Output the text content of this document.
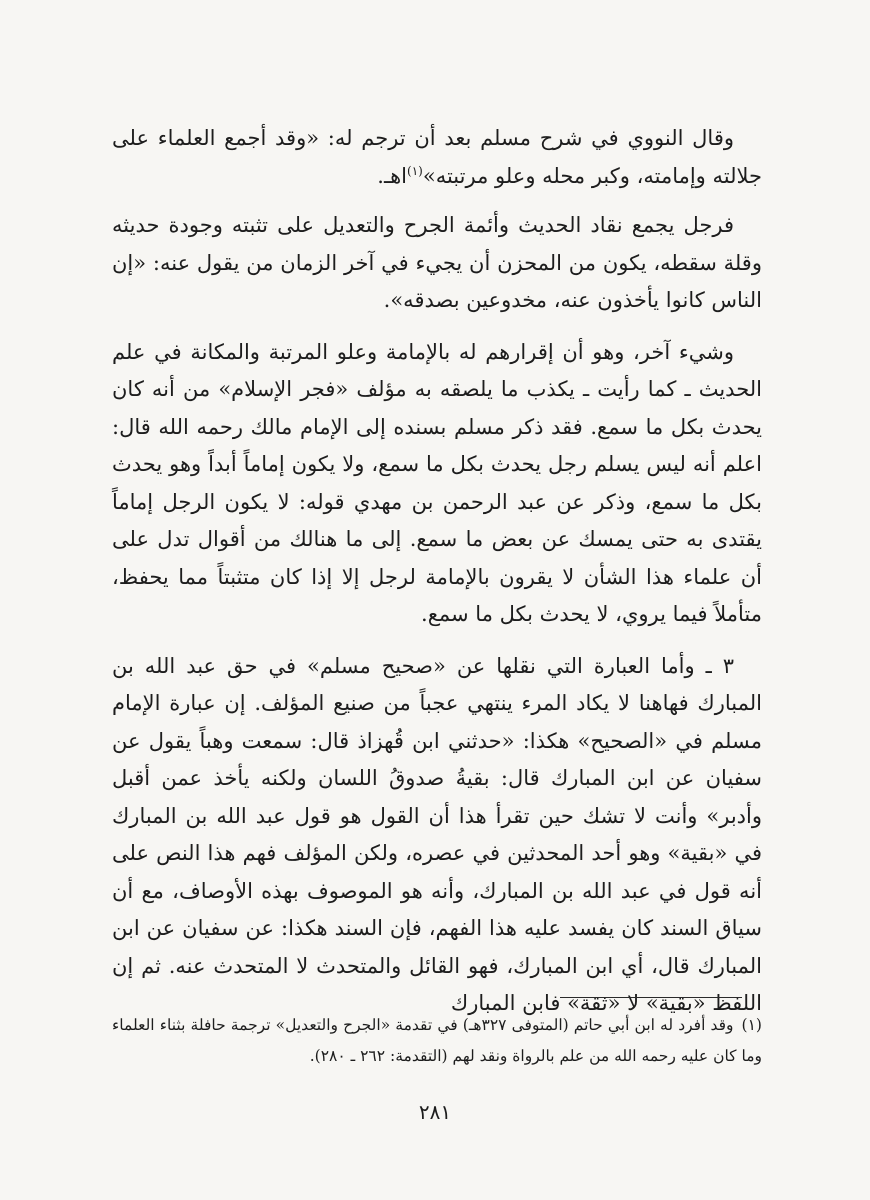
وقال النووي في شرح مسلم بعد أن ترجم له: «وقد أجمع العلماء على جلالته وإمامته، وكبر محله وعلو مرتبته»$^{(١)}$اهـ.

فرجل يجمع نقاد الحديث وأئمة الجرح والتعديل على تثبته وجودة حديثه وقلة سقطه، يكون من المحزن أن يجيء في آخر الزمان من يقول عنه: «إن الناس كانوا يأخذون عنه، مخدوعين بصدقه».

وشيء آخر، وهو أن إقرارهم له بالإمامة وعلو المرتبة والمكانة في علم الحديث ـ كما رأيت ـ يكذب ما يلصقه به مؤلف «فجر الإسلام» من أنه كان يحدث بكل ما سمع. فقد ذكر مسلم بسنده إلى الإمام مالك رحمه الله قال: اعلم أنه ليس يسلم رجل يحدث بكل ما سمع، ولا يكون إماماً أبداً وهو يحدث بكل ما سمع، وذكر عن عبد الرحمن بن مهدي قوله: لا يكون الرجل إماماً يقتدى به حتى يمسك عن بعض ما سمع. إلى ما هنالك من أقوال تدل على أن علماء هذا الشأن لا يقرون بالإمامة لرجل إلا إذا كان متثبتاً مما يحفظ، متأملاً فيما يروي، لا يحدث بكل ما سمع.

٣ ـ وأما العبارة التي نقلها عن «صحيح مسلم» في حق عبد الله بن المبارك فهاهنا لا يكاد المرء ينتهي عجباً من صنيع المؤلف. إن عبارة الإمام مسلم في «الصحيح» هكذا: «حدثني ابن قُهزاذ قال: سمعت وهباً يقول عن سفيان عن ابن المبارك قال: بقيةُ صدوقُ اللسان ولكنه يأخذ عمن أقبل وأدبر» وأنت لا تشك حين تقرأ هذا أن القول هو قول عبد الله بن المبارك في «بقية» وهو أحد المحدثين في عصره، ولكن المؤلف فهم هذا النص على أنه قول في عبد الله بن المبارك، وأنه هو الموصوف بهذه الأوصاف، مع أن سياق السند كان يفسد عليه هذا الفهم، فإن السند هكذا: عن سفيان عن ابن المبارك قال، أي ابن المبارك، فهو القائل والمتحدث لا المتحدث عنه. ثم إن اللفظ «بقية» لا «ثقة» فابن المبارك

(١)وقد أفرد له ابن أبي حاتم (المتوفى ٣٢٧هـ) في تقدمة «الجرح والتعديل» ترجمة حافلة بثناء العلماء وما كان عليه رحمه الله من علم بالرواة ونقد لهم (التقدمة: ٢٦٢ ـ ٢٨٠).
٢٨١
